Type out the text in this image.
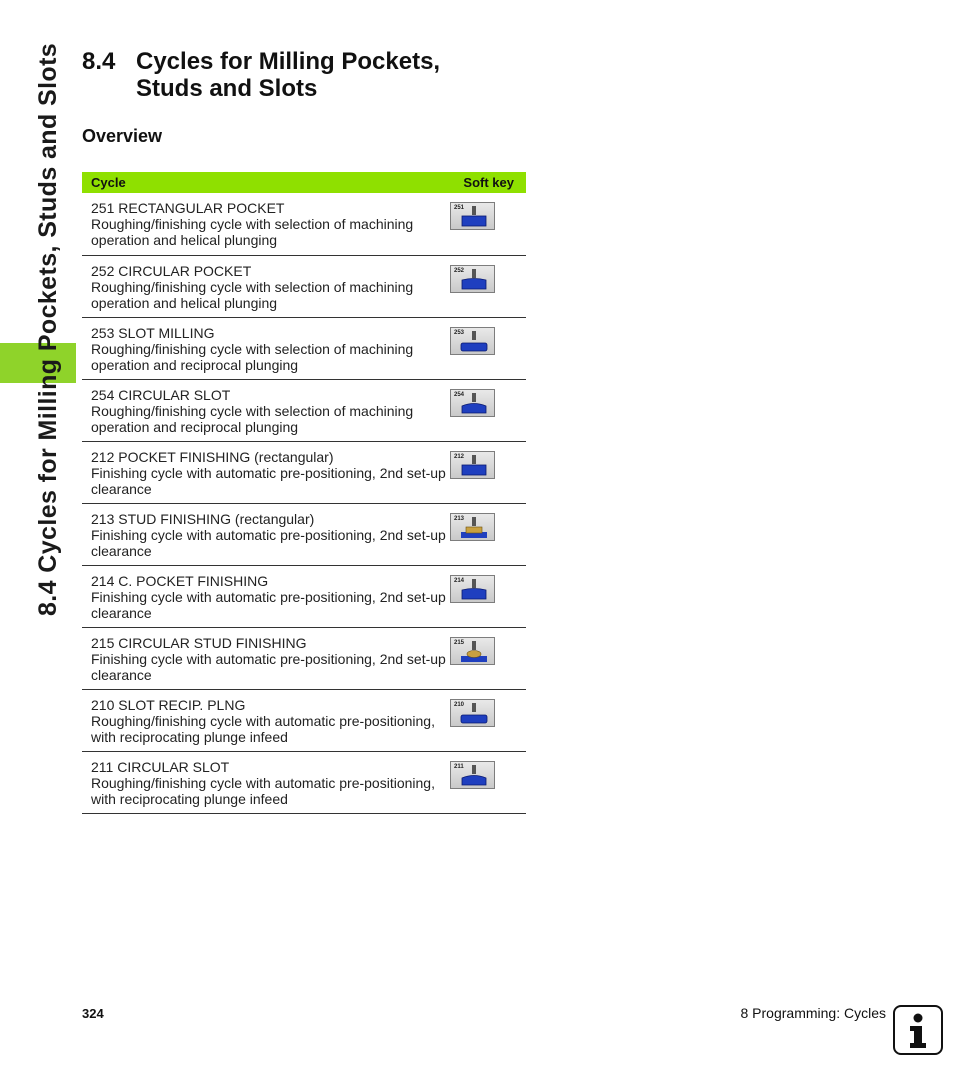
8.4 Cycles for Milling Pockets, Studs and Slots 8.4 Cycles for Milling Pockets,
Studs and Slots
Overview
Cycle	Soft key

251 RECTANGULAR POCKET
Roughing/finishing cycle with selection of machining operation and helical plunging	251

252 CIRCULAR POCKET
Roughing/finishing cycle with selection of machining operation and helical plunging	252

253 SLOT MILLING
Roughing/finishing cycle with selection of machining operation and reciprocal plunging	253

254 CIRCULAR SLOT
Roughing/finishing cycle with selection of machining operation and reciprocal plunging	254

212 POCKET FINISHING (rectangular)
Finishing cycle with automatic pre-positioning, 2nd set-up clearance	212

213 STUD FINISHING (rectangular)
Finishing cycle with automatic pre-positioning, 2nd set-up clearance	213

214 C. POCKET FINISHING
Finishing cycle with automatic pre-positioning, 2nd set-up clearance	214

215 CIRCULAR STUD FINISHING
Finishing cycle with automatic pre-positioning, 2nd set-up clearance	215

210 SLOT RECIP. PLNG
Roughing/finishing cycle with automatic pre-positioning, with reciprocating plunge infeed	210

211 CIRCULAR SLOT
Roughing/finishing cycle with automatic pre-positioning, with reciprocating plunge infeed	211
324	8 Programming: Cycles
